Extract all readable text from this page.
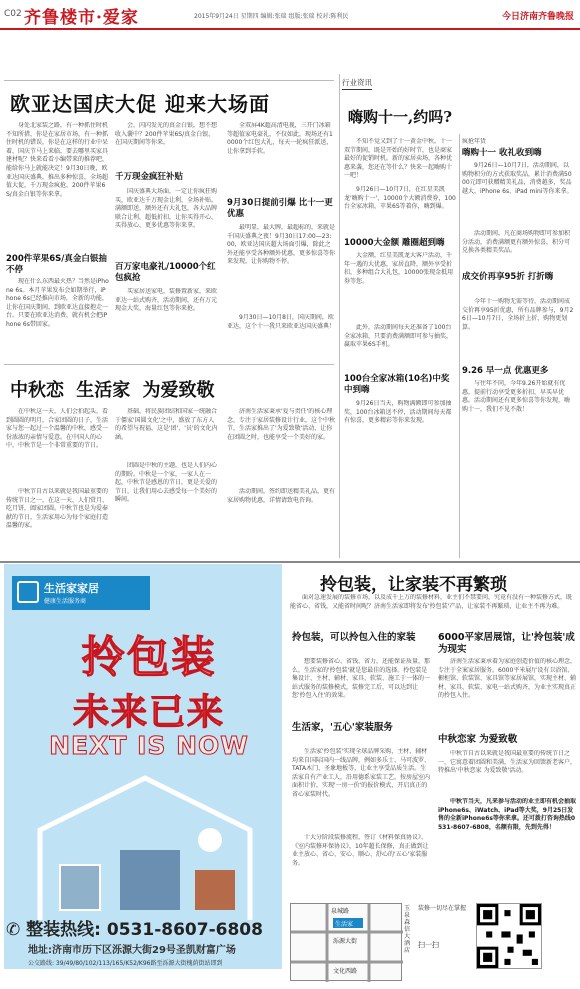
C02 齐鲁楼市·爱家	2015年9月24日 星期四 编辑:张瑞 组版:张瑞 校对:陈利民	今日济南齐鲁晚报
欧亚达国庆大促 迎来大场面
身处北家装之路，有一种抓住时机不知所措，你是在家居市场，有一种抓住时机的错误，你是在这样的行业中呆着，国庆节马上来临，要去哪里买家具建材呢？快来看看小编带来的推荐吧，能给你马上就能决定！9月30日晚，欧亚达国庆盛典，推出多种惊喜，全场超值大促，千万现金疯抢，200件苹果6S/真金白银等你来拿。
200件苹果6S/真金白银抽不停
现在什么东西最火热？当然是iPhone 6s。本月苹果发布会如期举行，iPhone 6s已经推向市场，全新的功能，让你在国庆期间，到欧亚达直接抱走一台。只要在欧亚达消费，就有机会把iPhone 6s带回家。
会，闪闪发光的真金白银，想不想收入囊中？200件苹果6S/真金白银，在国庆期间等你来。
千万现金疯狂补贴
国庆盛典大场面，一定让你疯狂购买，欧亚达千万现金让利，全场补贴。满额即送，额外还有大礼包，各大品牌联合让利，超低折扣，让你买得开心，买得放心，更多优惠等你来拿。
百万家电豪礼/10000个红包疯抢
买家居送家电，装修置新家，来欧亚达一站式购齐，活动期间，还有万元现金大奖，海量红包等你来抢。
全双屏4K超高清电视，三开门冰箱等超值家电豪礼，不仅如此，现场还有10000个红包大礼，每天一轮疯狂派送，让你拿到手软。
9月30日提前引爆 比十一更优惠
最明显，最大牌，最超标的，来就是千国庆盛典之夜！9月30日17:00—23:00，欧亚达国庆超大场面引爆，除此之外还能享受各种额外优惠，更多惊喜等你来发现，让你购物不停。
9月30日—10月8日，国庆期间，欧亚达，这个十一我只来欧亚达国庆盛典！
中秋恋 生活家 为爱致敬
在中秋这一天，人们会拍起头，看到圆圆的明月，合家团圆的日子，生活家与您一起过一个温馨的中秋，感受一份浓浓的亲情与爱意。在中国人的心中，中秋节是一个非常重要的节日。
中秋节自古以来就是我国最重要的传统节日之一，在这一天，人们赏月、吃月饼，阖家团圆。中秋节也是为爱奉献的节日，生活家用心为每个家庭打造温馨的家。
基础，将民族团结和国家一统融合于僵家'国圆文化'之中，盛放了东方人的希望与祝福，这是'团'、'员'的文化内涵。
团圆是中秋的主题，也是人们内心的期盼。中秋是一个家，一家人在一起，中秋节是感恩的节日，更是关爱的节日，让我们用心去感受每一个美好的瞬间。
济南生活家秉承'爱与责任'的核心理念，专注于家居装修设计行业，这个中秋节，生活家推出了'为爱致敬'活动，让你在团圆之时，也能享受一个美好的家。
活动期间，签约即送精美礼品，更有家居购物优惠，详情请致电咨询。
行业资讯
嗨购十一,约吗?
不知不觉又到了十一黄金中秋。十一双节期间，既是开始的好时节，也是商家最好的促销时机。新的家居卖场，各种优惠来袭，您还在等什么？快来一起嗨购十一吧！
9月26日—10月7日，在红星美凯龙'嗨购十一'，10000个大额消费券，100台全家冰箱，苹果6S等着你，嗨到爆。
10000大金额 雕圈超到嗨
大金额，红星美凯龙大客户活动，千年一遇的大优惠，家居直降，额外享受折扣，多种组合大礼包，10000张现金抵用券等您。
此外，活动期间每天还准备了100台全家冰箱，只要消费满额即可参与抽奖，赢取苹果6S手机。
100台全家冰箱(10名)中奖中到嗨
9月26日当天，购物满额即可参加抽奖，100台冰箱送不停，活动期间每天都有惊喜，更多精彩等你来发现。
疯抢年货
嗨购十一 收礼收到嗨
9月26日—10月7日，活动期间，以购物积分的方式获取奖品，累计消费满5000元即可获赠精美礼品，消费越多，奖品越大，iPhone 6s、iPad mini等你来拿。
活动期间，凡在商场购物即可参加积分活动，消费满额更有额外惊喜，积分可兑换各类精美奖品。
成交价再享95折 打折嗨
今年十一购物无需等待，活动期间成交价再享95折优惠，所有品牌参与，9月26日—10月7日，全场折上折，购物更划算。
9.26 早一点 优惠更多
与往年不同，今年9.26开始就有优惠，提前行动享受更多折扣，早买早优惠。活动期间还有更多惊喜等你发现，嗨购十一，我们不见不散！
生活家家居
健康生活服务商
拎包装
未来已来
NEXT IS NOW
✆ 整装热线: 0531-8607-6808
地址:济南市历下区泺源大街29号圣凯财富广场
公交路线: 39/49/80/102/113/165/K52/K96路至泺源大街槐荫街站即到
拎包装，让家装不再繁琐
面对急速发展的装修市场，以及成千上万的装修材料，业主们不禁要问，究竟有没有一种装修方式，既能省心、省钱，又能省时间呢？济南生活家即将发布'拎包装'产品，让家装不再繁琐，让业主不再为难。
拎包装，可以拎包入住的家装
想要装修省心、省钱、省力，还能保证质量，那么，生活家的'拎包装'就是您最佳的选择。拎包装是集设计、主材、辅材、家具、软装、施工于一体的一站式服务的装修模式，装修完工后，可以达到让您'拎包入住'的效果。
生活家，'五心'家装服务
生活家'拎包装'实现全球品牌采购，主材、辅材均来自国际国内一线品牌，例如多乐士、马可波罗、TATA木门、圣象地板等，让业主享受品质生活。生活家自有产业工人，沿用德系家装工艺，按房屋室内面积计价，实现'一房一价'的报价模式，开启真正的省心家装时代。
十大分阶段装修流程，签订《材料保真协议》、《室内装修环保协议》，10年超长保修，真正做到让业主放心、省心、安心、顺心、舒心的'五心'家装服务。
6000平家居展馆，让'拎包装'成为现实
济南生活家秉承着为家庭创造价值的核心理念，专注于全案家居服务。6000平米展厅设有卫浴馆、橱柜馆、软装馆、家具馆等家居展馆，实现主材、辅材、家具、软装、家电一站式购齐，为业主实现真正的拎包入住。
中秋恋家 为爱致敬
中秋节自古以来就是我国最重要的传统节日之一，它寓意着团圆和美满，生活家为回馈新老客户，特推出'中秋恋家 为爱致敬'活动。
中秋节当天，凡来参与活动的业主即有机会抽取iPhone6s、iWatch、iPad等大奖，9月25日发售的全新iPhone6s等你来拿。还可拨打咨询热线0531-8607-6808，名额有限，先到先得！
生活家
泺源大街
文化西路
泉城路	玉泉森信大酒店
装修一切尽在掌握
扫一扫
